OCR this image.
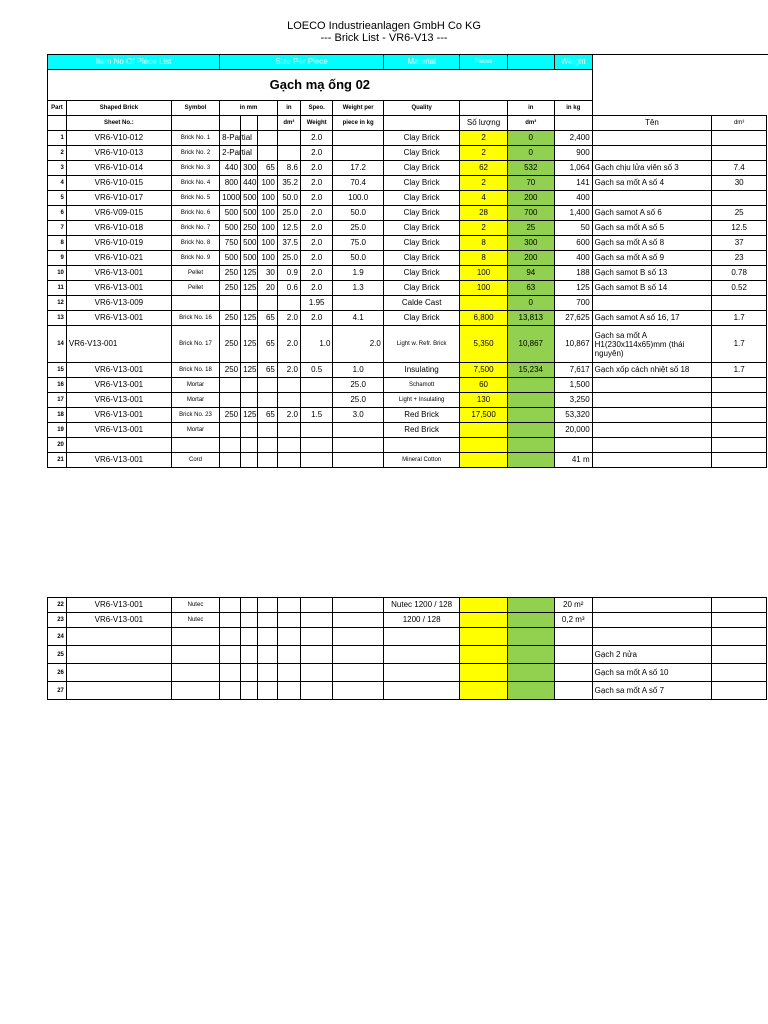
LOECO Industrieanlagen GmbH Co KG
--- Brick List - VR6-V13 ---
Item No Of Piece List			Size Per Piece						Material	Pieces		Weight		
Gạch mạ ống 02														
Part	Shaped Brick	Symbol	in mm			in	Speo.	Weight per	Quality		in	in kg		
	Sheet No.:					dm³	Weight	piece in kg		Số lượng	dm³		Tên	dm³
1	VR6-V10-012	Brick No. 1	8-Partial				2.0		Clay Brick	2	0	2,400		
2	VR6-V10-013	Brick No. 2	2-Partial				2.0		Clay Brick	2	0	900		
3	VR6-V10-014	Brick No. 3	440	300	65	8.6	2.0	17.2	Clay Brick	62	532	1,064	Gạch chịu lửa viên số 3	7.4
4	VR6-V10-015	Brick No. 4	800	440	100	35.2	2.0	70.4	Clay Brick	2	70	141	Gạch sa mốt A số 4	30
5	VR6-V10-017	Brick No. 5	1000	500	100	50.0	2.0	100.0	Clay Brick	4	200	400		
6	VR6-V09-015	Brick No. 6	500	500	100	25.0	2.0	50.0	Clay Brick	28	700	1,400	Gạch samot A số 6	25
7	VR6-V10-018	Brick No. 7	500	250	100	12.5	2.0	25.0	Clay Brick	2	25	50	Gạch sa mốt A số 5	12.5
8	VR6-V10-019	Brick No. 8	750	500	100	37.5	2.0	75.0	Clay Brick	8	300	600	Gạch sa mốt A số 8	37
9	VR6-V10-021	Brick No. 9	500	500	100	25.0	2.0	50.0	Clay Brick	8	200	400	Gạch sa mốt A số 9	23
10	VR6-V13-001	Pellet	250	125	30	0.9	2.0	1.9	Clay Brick	100	94	188	Gạch samot B số 13	0.78
11	VR6-V13-001	Pellet	250	125	20	0.6	2.0	1.3	Clay Brick	100	63	125	Gạch samot B số 14	0.52
12	VR6-V13-009						1.95		Calde Cast		0	700		
13	VR6-V13-001	Brick No. 16	250	125	65	2.0	2.0	4.1	Clay Brick	6,800	13,813	27,625	Gạch samot A số 16, 17	1.7
14	VR6-V13-001	Brick No. 17	250	125	65	2.0	1.0	2.0	Light w. Refr. Brick	5,350	10,867	10,867	Gạch sa mốt A H1(230x114x65)mm (thái nguyên)	1.7
15	VR6-V13-001	Brick No. 18	250	125	65	2.0	0.5	1.0	Insulating	7,500	15,234	7,617	Gạch xốp cách nhiệt số 18	1.7
16	VR6-V13-001	Mortar						25.0	Schamott	60		1,500		
17	VR6-V13-001	Mortar						25.0	Light + Insulating	130		3,250		
18	VR6-V13-001	Brick No. 23	250	125	65	2.0	1.5	3.0	Red Brick	17,500		53,320		
19	VR6-V13-001	Mortar							Red Brick			20,000		
20														
21	VR6-V13-001	Cord							Mineral Cotton			41 m		
22	VR6-V13-001	Nutec							Nutec 1200 / 128			20 m²		
23	VR6-V13-001	Nutec							1200 / 128			0,2 m³		
24														
25													Gạch 2 nửa	
26													Gạch sa mốt A số 10	
27													Gạch sa mốt A số 7	
